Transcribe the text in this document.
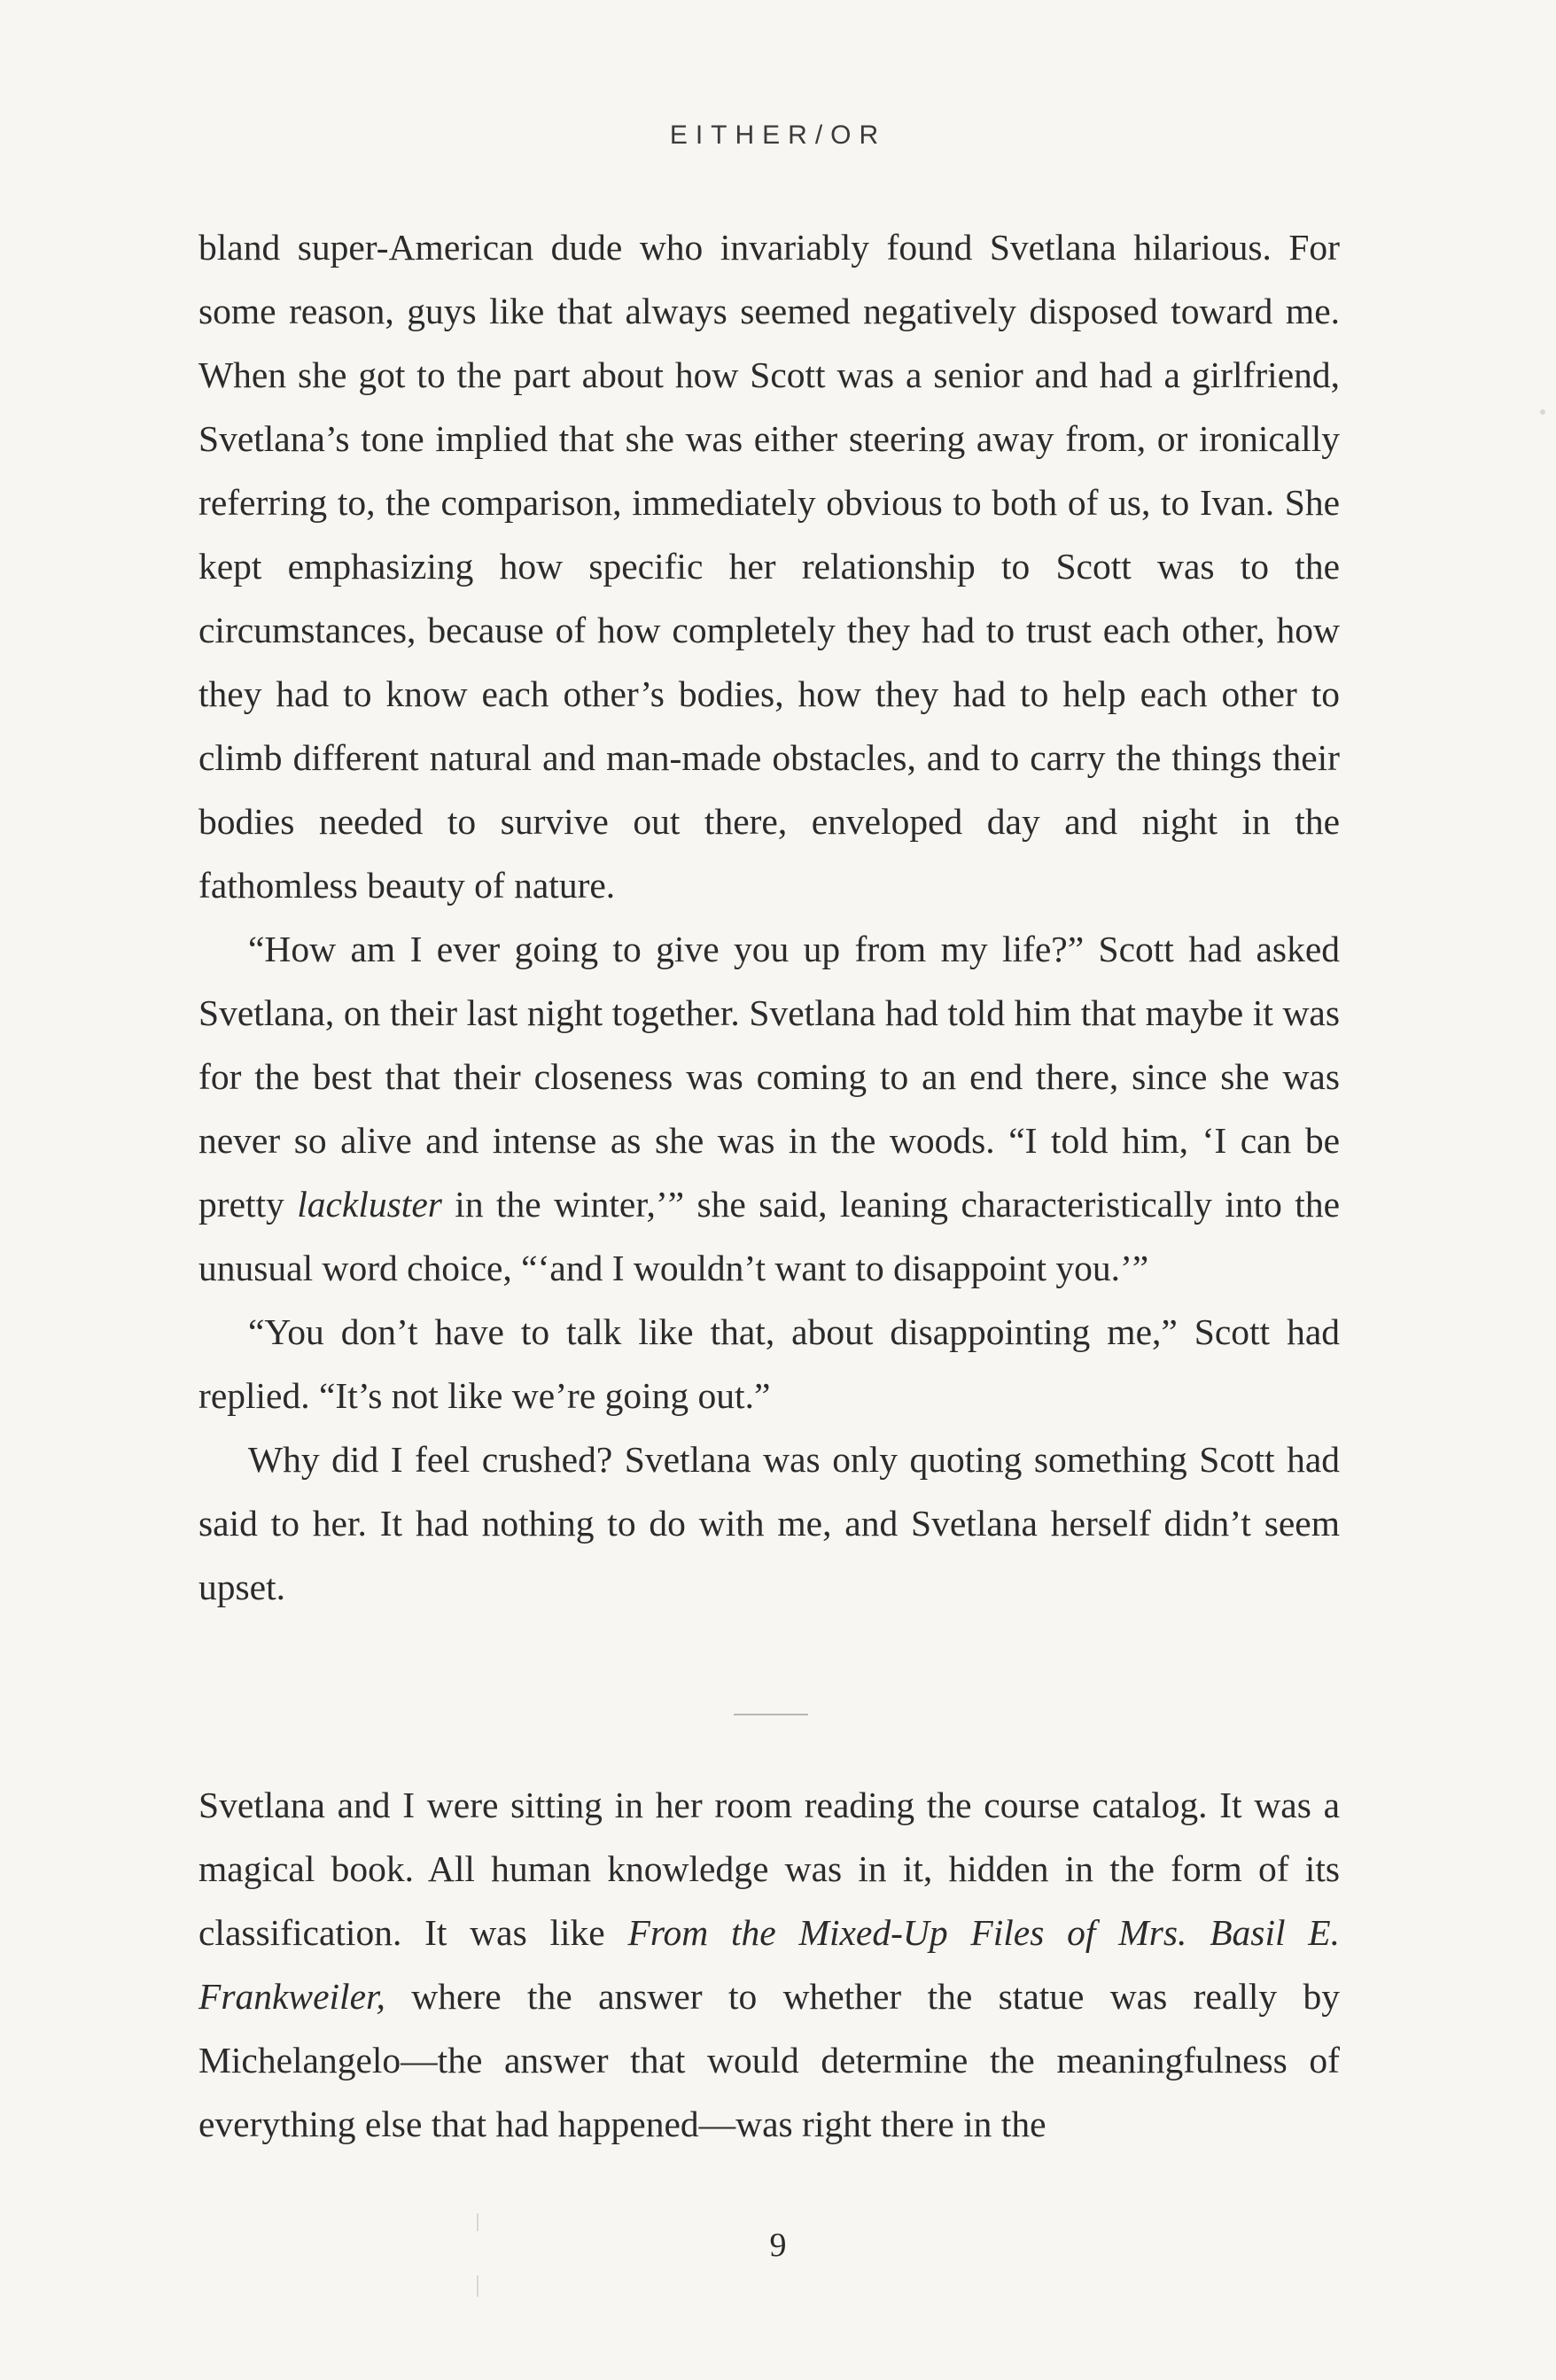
EITHER/OR

bland super-American dude who invariably found Svetlana hilarious. For some reason, guys like that always seemed negatively disposed toward me. When she got to the part about how Scott was a senior and had a girlfriend, Svetlana’s tone implied that she was either steering away from, or ironically referring to, the comparison, immediately obvious to both of us, to Ivan. She kept emphasizing how specific her relationship to Scott was to the circumstances, because of how completely they had to trust each other, how they had to know each other’s bodies, how they had to help each other to climb different natural and man-made obstacles, and to carry the things their bodies needed to survive out there, enveloped day and night in the fathomless beauty of nature.

“How am I ever going to give you up from my life?” Scott had asked Svetlana, on their last night together. Svetlana had told him that maybe it was for the best that their closeness was coming to an end there, since she was never so alive and intense as she was in the woods. “I told him, ‘I can be pretty lackluster in the winter,’” she said, leaning characteristically into the unusual word choice, “‘and I wouldn’t want to disappoint you.’”

“You don’t have to talk like that, about disappointing me,” Scott had replied. “It’s not like we’re going out.”

Why did I feel crushed? Svetlana was only quoting something Scott had said to her. It had nothing to do with me, and Svetlana herself didn’t seem upset.

Svetlana and I were sitting in her room reading the course catalog. It was a magical book. All human knowledge was in it, hidden in the form of its classification. It was like From the Mixed-Up Files of Mrs. Basil E. Frankweiler, where the answer to whether the statue was really by Michelangelo—the answer that would determine the meaningfulness of everything else that had happened—was right there in the

9
